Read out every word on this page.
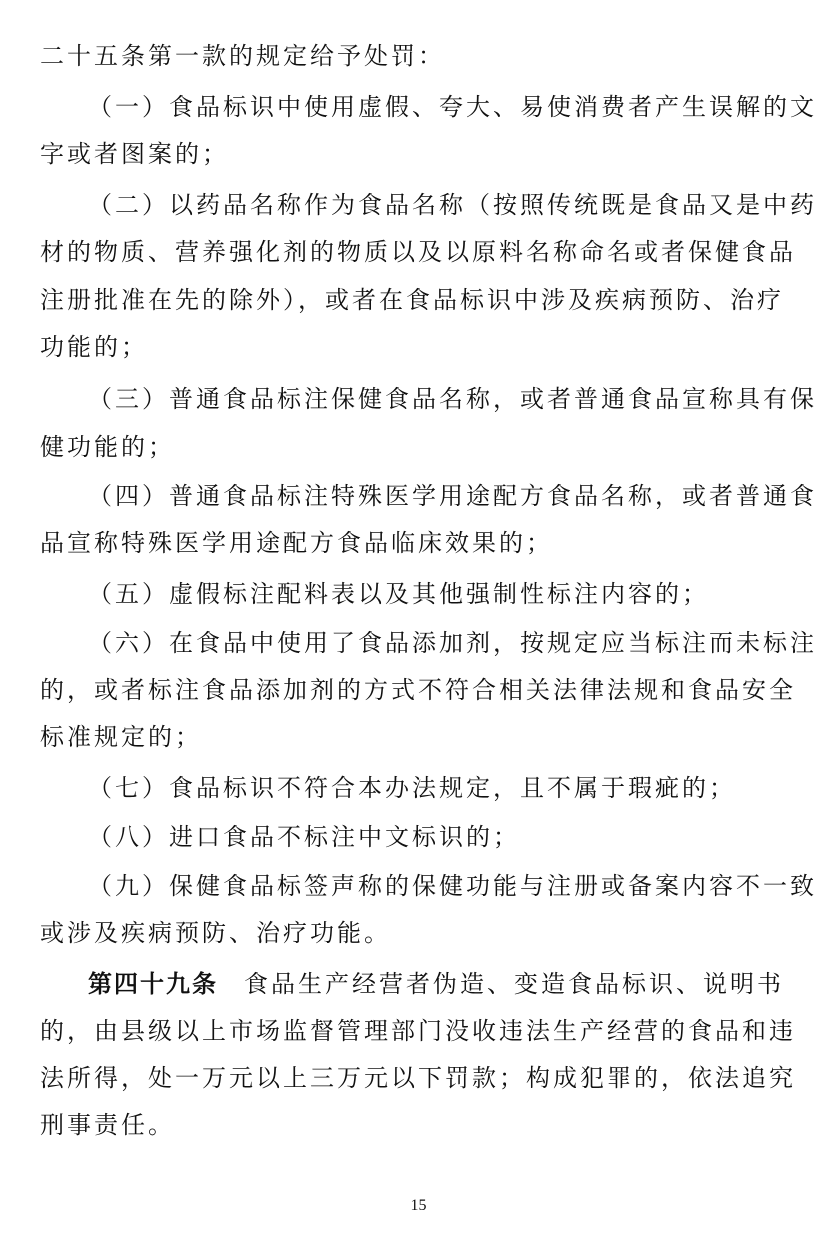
二十五条第一款的规定给予处罚：
（一）食品标识中使用虚假、夸大、易使消费者产生误解的文
字或者图案的；
（二）以药品名称作为食品名称（按照传统既是食品又是中药
材的物质、营养强化剂的物质以及以原料名称命名或者保健食品
注册批准在先的除外），或者在食品标识中涉及疾病预防、治疗
功能的；
（三）普通食品标注保健食品名称，或者普通食品宣称具有保
健功能的；
（四）普通食品标注特殊医学用途配方食品名称，或者普通食
品宣称特殊医学用途配方食品临床效果的；
（五）虚假标注配料表以及其他强制性标注内容的；
（六）在食品中使用了食品添加剂，按规定应当标注而未标注
的，或者标注食品添加剂的方式不符合相关法律法规和食品安全
标准规定的；
（七）食品标识不符合本办法规定，且不属于瑕疵的；
（八）进口食品不标注中文标识的；
（九）保健食品标签声称的保健功能与注册或备案内容不一致
或涉及疾病预防、治疗功能。
第四十九条 食品生产经营者伪造、变造食品标识、说明书
的，由县级以上市场监督管理部门没收违法生产经营的食品和违
法所得，处一万元以上三万元以下罚款；构成犯罪的，依法追究
刑事责任。
15
